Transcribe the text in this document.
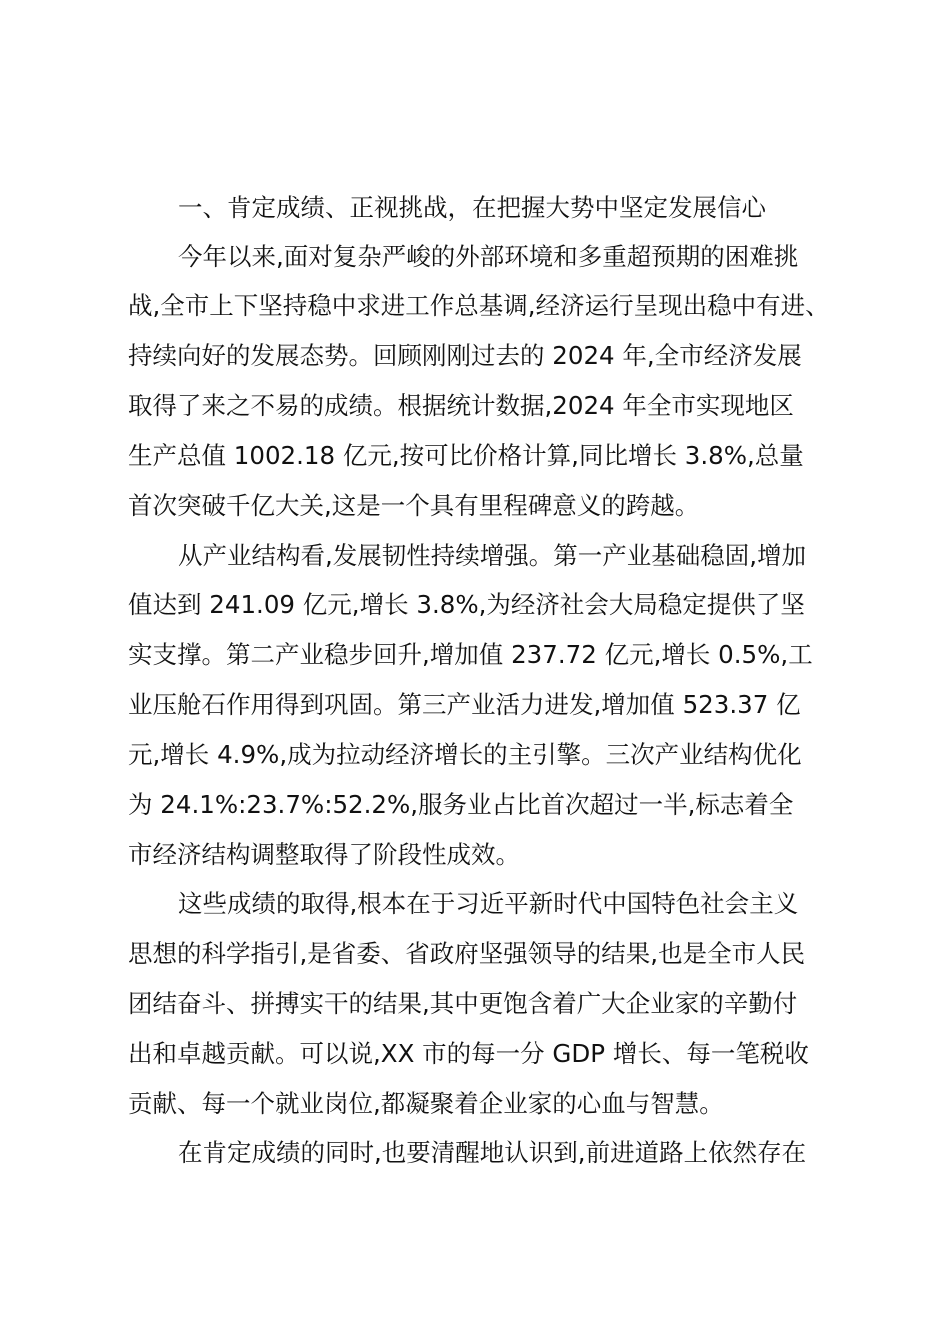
一、肯定成绩、正视挑战，在把握大势中坚定发展信心
今年以来,面对复杂严峻的外部环境和多重超预期的困难挑
战,全市上下坚持稳中求进工作总基调,经济运行呈现出稳中有进、
持续向好的发展态势。回顾刚刚过去的 2024 年,全市经济发展
取得了来之不易的成绩。根据统计数据,2024 年全市实现地区
生产总值 1002.18 亿元,按可比价格计算,同比增长 3.8%,总量
首次突破千亿大关,这是一个具有里程碑意义的跨越。
从产业结构看,发展韧性持续增强。第一产业基础稳固,增加
值达到 241.09 亿元,增长 3.8%,为经济社会大局稳定提供了坚
实支撑。第二产业稳步回升,增加值 237.72 亿元,增长 0.5%,工
业压舱石作用得到巩固。第三产业活力进发,增加值 523.37 亿
元,增长 4.9%,成为拉动经济增长的主引擎。三次产业结构优化
为 24.1%:23.7%:52.2%,服务业占比首次超过一半,标志着全
市经济结构调整取得了阶段性成效。
这些成绩的取得,根本在于习近平新时代中国特色社会主义
思想的科学指引,是省委、省政府坚强领导的结果,也是全市人民
团结奋斗、拼搏实干的结果,其中更饱含着广大企业家的辛勤付
出和卓越贡献。可以说,XX 市的每一分 GDP 增长、每一笔税收
贡献、每一个就业岗位,都凝聚着企业家的心血与智慧。
在肯定成绩的同时,也要清醒地认识到,前进道路上依然存在
